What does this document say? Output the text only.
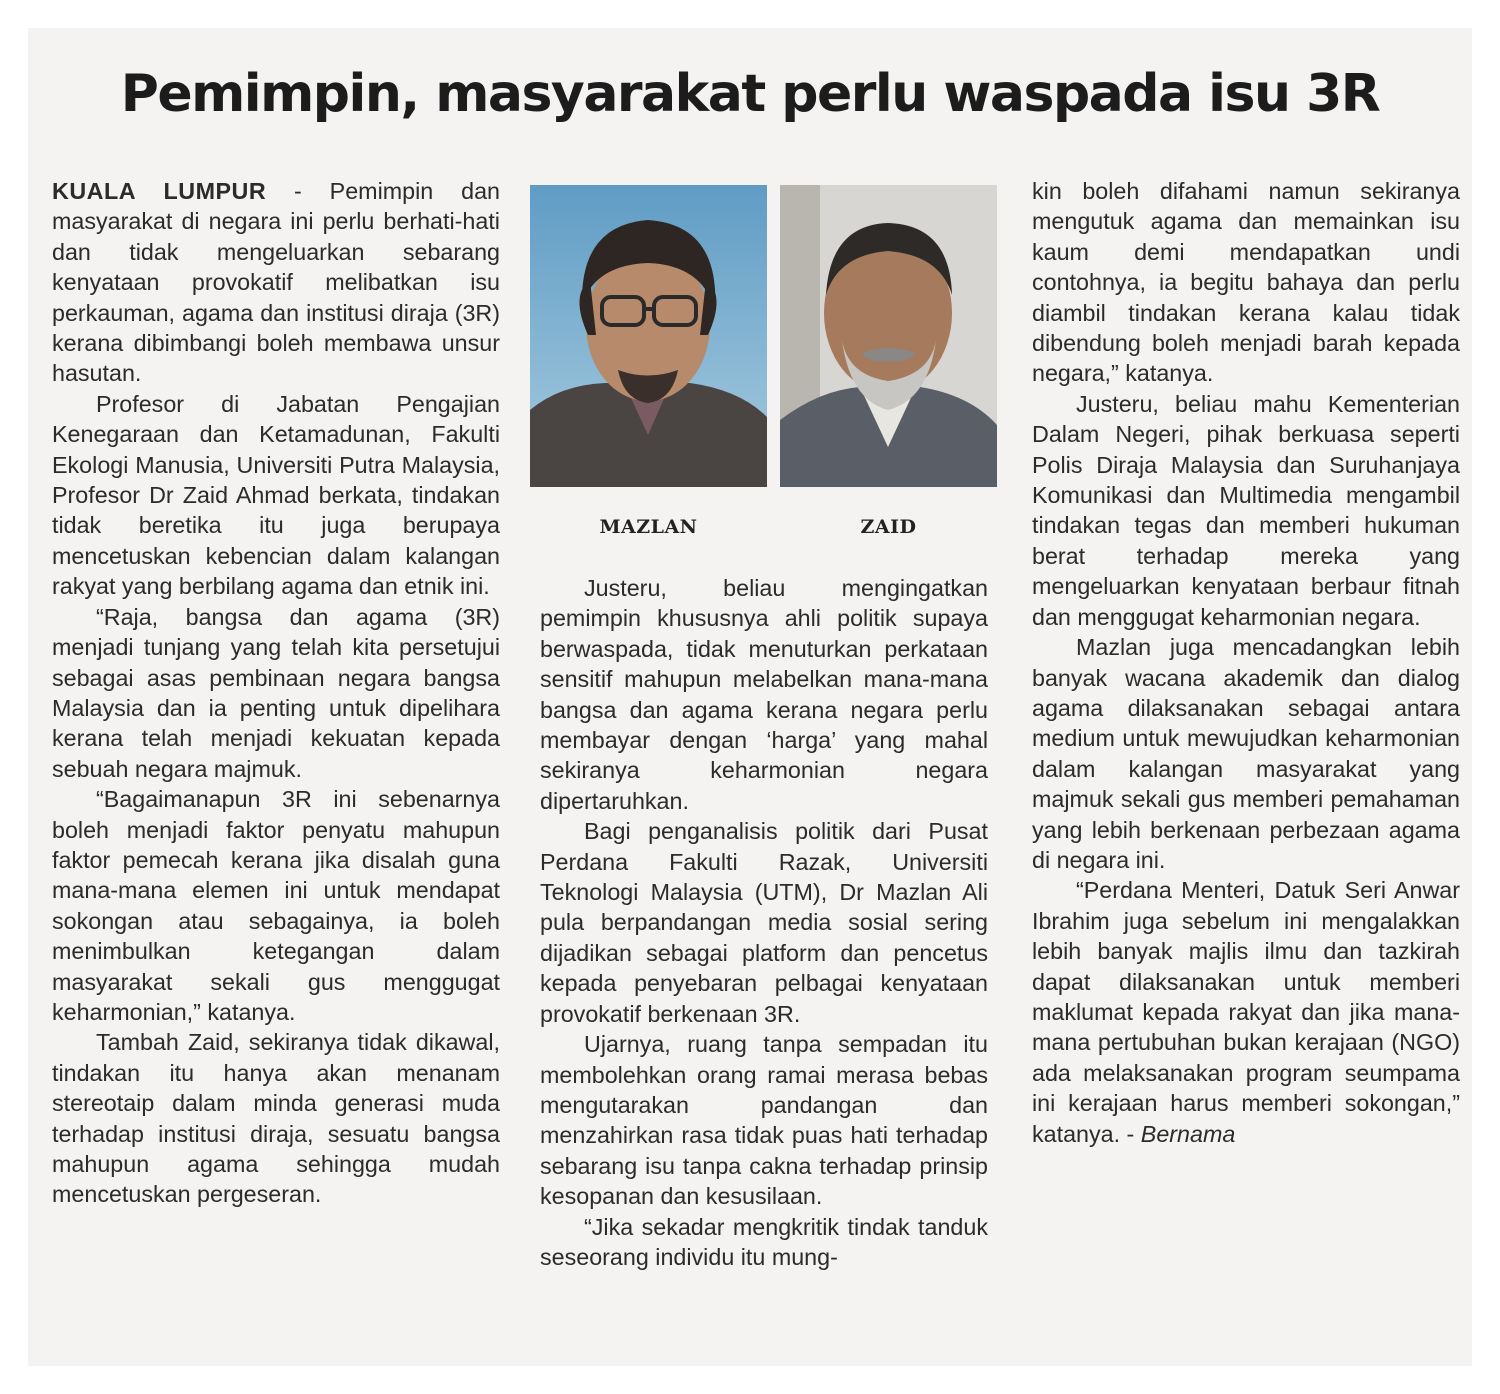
Pemimpin, masyarakat perlu waspada isu 3R

KUALA LUMPUR - Pemimpin dan masyarakat di negara ini perlu berhati-hati dan tidak mengeluarkan sebarang kenyataan provokatif melibatkan isu perkauman, agama dan institusi diraja (3R) kerana dibimbangi boleh membawa unsur hasutan.

Profesor di Jabatan Pengajian Kenegaraan dan Ketamadunan, Fakulti Ekologi Manusia, Universiti Putra Malaysia, Profesor Dr Zaid Ahmad berkata, tindakan tidak beretika itu juga berupaya mencetuskan kebencian dalam kalangan rakyat yang berbilang agama dan etnik ini.

“Raja, bangsa dan agama (3R) menjadi tunjang yang telah kita persetujui sebagai asas pembinaan negara bangsa Malaysia dan ia penting untuk dipelihara kerana telah menjadi kekuatan kepada sebuah negara majmuk.

“Bagaimanapun 3R ini sebenarnya boleh menjadi faktor penyatu mahupun faktor pemecah kerana jika disalah guna mana-mana elemen ini untuk mendapat sokongan atau sebagainya, ia boleh menimbulkan ketegangan dalam masyarakat sekali gus menggugat keharmonian,” katanya.

Tambah Zaid, sekiranya tidak dikawal, tindakan itu hanya akan menanam stereotaip dalam minda generasi muda terhadap institusi diraja, sesuatu bangsa mahupun agama sehingga mudah mencetuskan pergeseran.

MAZLAN	ZAID

Justeru, beliau mengingatkan pemimpin khususnya ahli politik supaya berwaspada, tidak menuturkan perkataan sensitif mahupun melabelkan mana-mana bangsa dan agama kerana negara perlu membayar dengan ‘harga’ yang mahal sekiranya keharmonian negara dipertaruhkan.

Bagi penganalisis politik dari Pusat Perdana Fakulti Razak, Universiti Teknologi Malaysia (UTM), Dr Mazlan Ali pula berpandangan media sosial sering dijadikan sebagai platform dan pencetus kepada penyebaran pelbagai kenyataan provokatif berkenaan 3R.

Ujarnya, ruang tanpa sempadan itu membolehkan orang ramai merasa bebas mengutarakan pandangan dan menzahirkan rasa tidak puas hati terhadap sebarang isu tanpa cakna terhadap prinsip kesopanan dan kesusilaan.

“Jika sekadar mengkritik tindak tanduk seseorang individu itu mung-

kin boleh difahami namun sekiranya mengutuk agama dan memainkan isu kaum demi mendapatkan undi contohnya, ia begitu bahaya dan perlu diambil tindakan kerana kalau tidak dibendung boleh menjadi barah kepada negara,” katanya.

Justeru, beliau mahu Kementerian Dalam Negeri, pihak berkuasa seperti Polis Diraja Malaysia dan Suruhanjaya Komunikasi dan Multimedia mengambil tindakan tegas dan memberi hukuman berat terhadap mereka yang mengeluarkan kenyataan berbaur fitnah dan menggugat keharmonian negara.

Mazlan juga mencadangkan lebih banyak wacana akademik dan dialog agama dilaksanakan sebagai antara medium untuk mewujudkan keharmonian dalam kalangan masyarakat yang majmuk sekali gus memberi pemahaman yang lebih berkenaan perbezaan agama di negara ini.

“Perdana Menteri, Datuk Seri Anwar Ibrahim juga sebelum ini mengalakkan lebih banyak majlis ilmu dan tazkirah dapat dilaksanakan untuk memberi maklumat kepada rakyat dan jika mana-mana pertubuhan bukan kerajaan (NGO) ada melaksanakan program seumpama ini kerajaan harus memberi sokongan,” katanya. - Bernama
